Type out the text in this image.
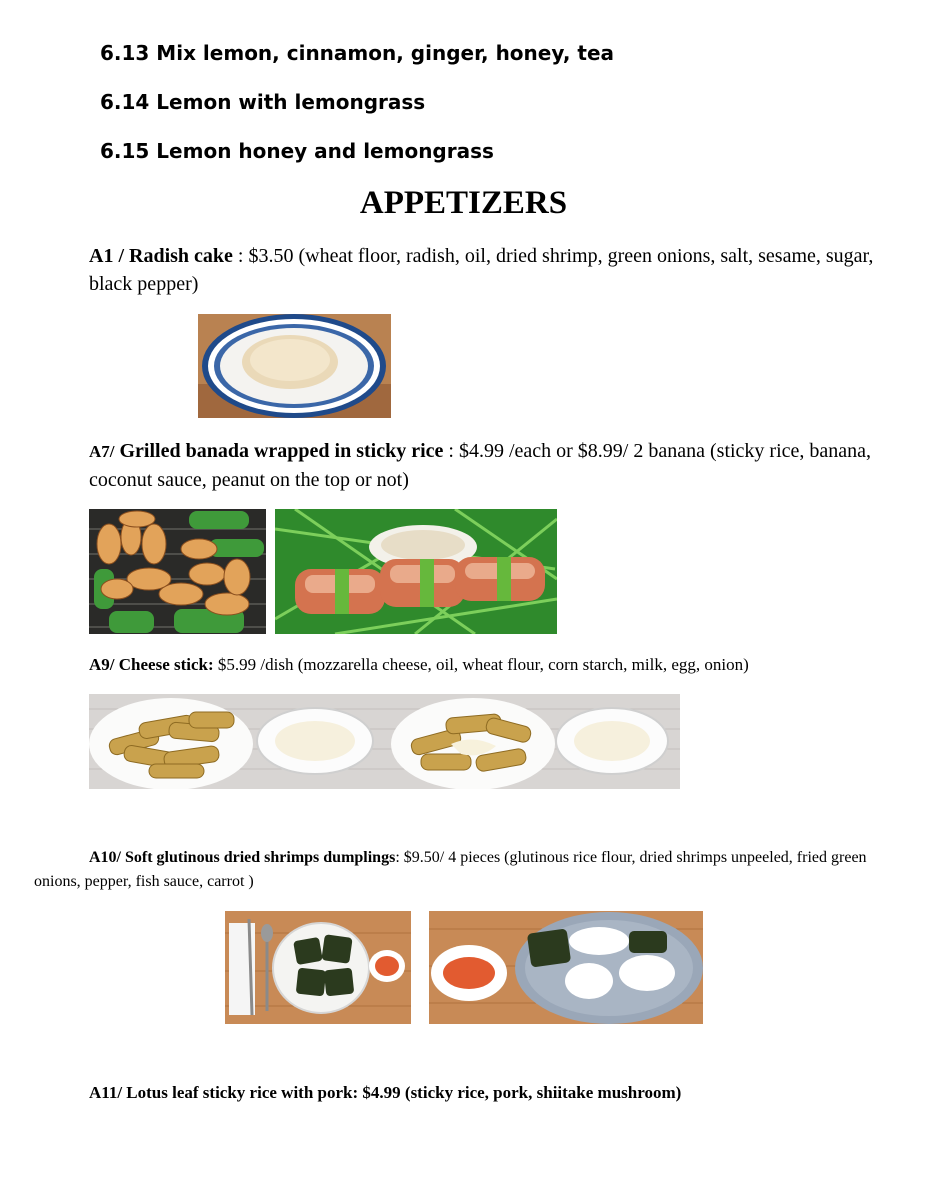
6.13 Mix lemon, cinnamon, ginger, honey, tea
6.14 Lemon with lemongrass
6.15 Lemon honey and lemongrass
APPETIZERS
A1 / Radish cake : $3.50 (wheat floor, radish, oil, dried shrimp, green onions, salt, sesame, sugar, black pepper)
A7/ Grilled banada wrapped in sticky rice : $4.99 /each or $8.99/ 2 banana (sticky rice, banana, coconut sauce, peanut on the top or not)
A9/ Cheese stick: $5.99 /dish (mozzarella cheese, oil, wheat flour, corn starch, milk, egg, onion)
A10/ Soft glutinous dried shrimps dumplings: $9.50/ 4 pieces (glutinous rice flour, dried shrimps unpeeled, fried green onions, pepper, fish sauce, carrot )
A11/ Lotus leaf sticky rice with pork: $4.99 (sticky rice, pork, shiitake mushroom)
